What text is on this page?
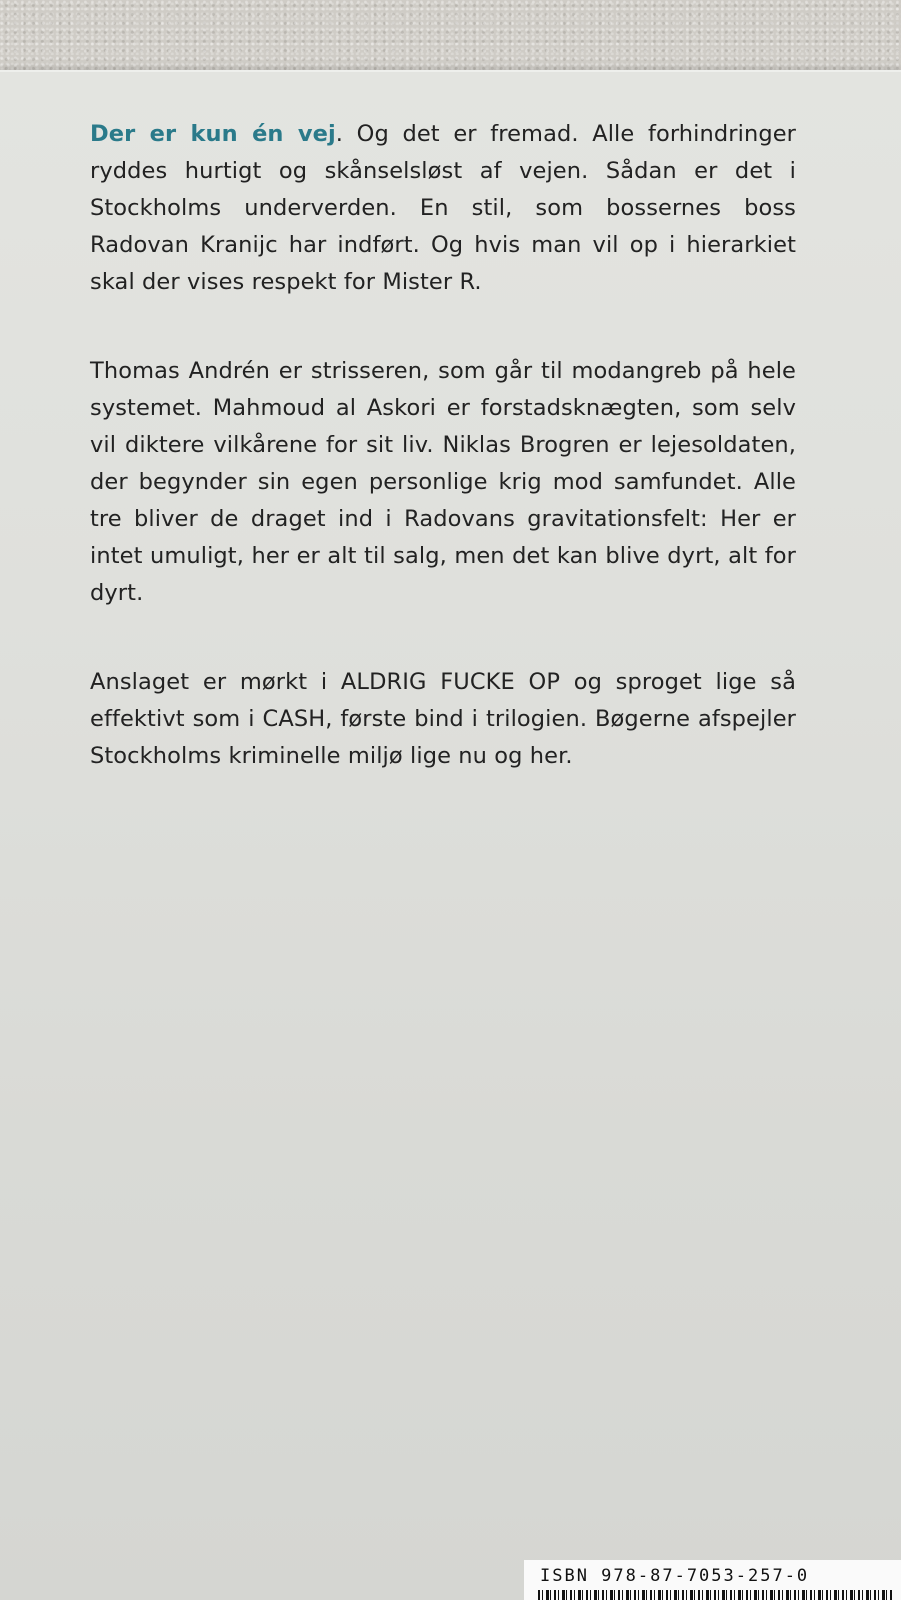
Der er kun én vej. Og det er fremad. Alle forhindringer ryddes hurtigt og skånselsløst af vejen. Sådan er det i Stockholms underverden. En stil, som bossernes boss Radovan Kranijc har indført. Og hvis man vil op i hierarkiet skal der vises respekt for Mister R.

Thomas Andrén er strisseren, som går til modangreb på hele systemet. Mahmoud al Askori er forstadsknægten, som selv vil diktere vilkårene for sit liv. Niklas Brogren er lejesoldaten, der begynder sin egen personlige krig mod samfundet. Alle tre bliver de draget ind i Radovans gravitationsfelt: Her er intet umuligt, her er alt til salg, men det kan blive dyrt, alt for dyrt.

Anslaget er mørkt i ALDRIG FUCKE OP og sproget lige så effektivt som i CASH, første bind i trilogien. Bøgerne afspejler Stockholms kriminelle miljø lige nu og her.

ISBN 978-87-7053-257-0
